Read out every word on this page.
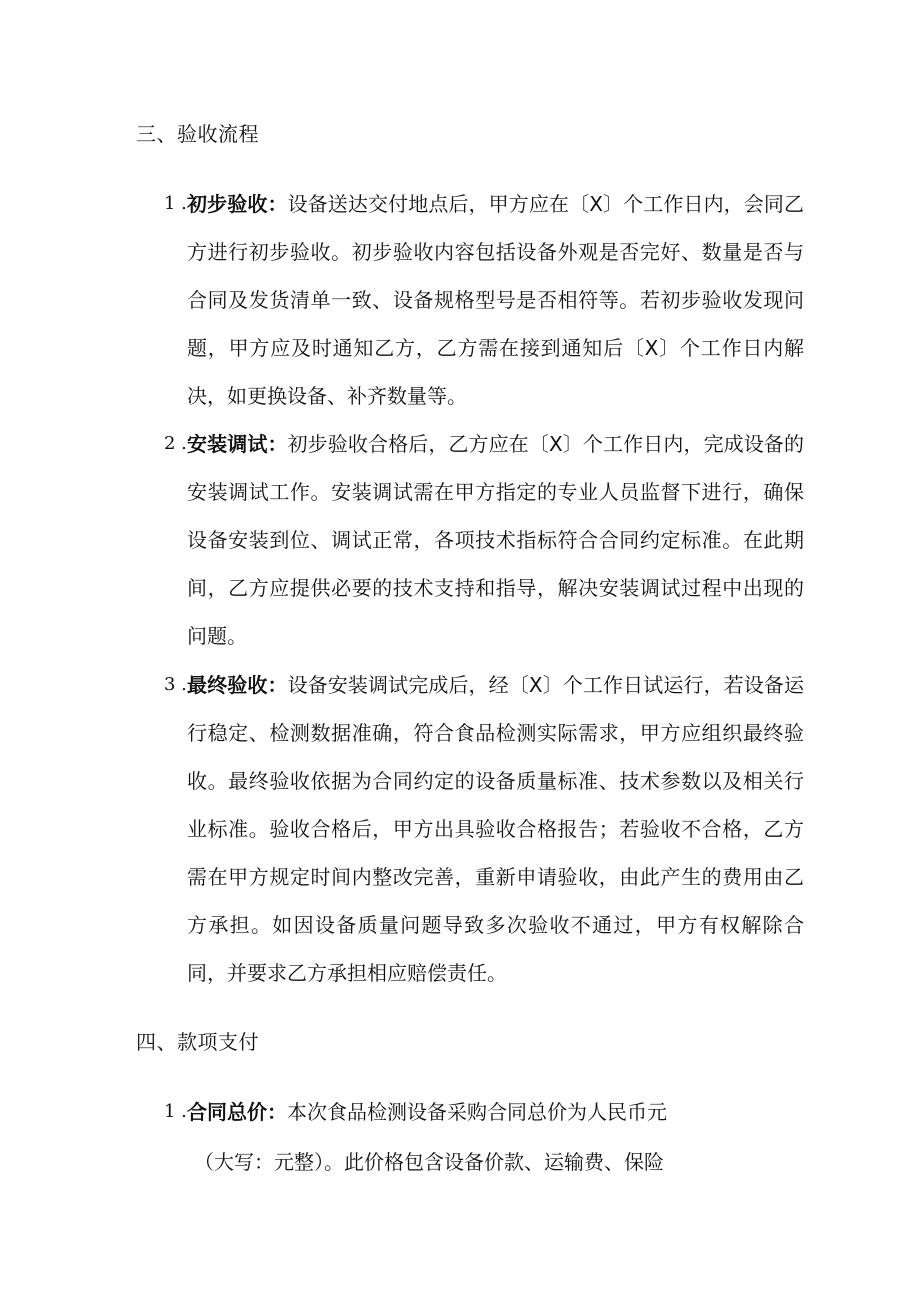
三、验收流程
1 . 初步验收：设备送达交付地点后，甲方应在〔X〕个工作日内，会同乙方进行初步验收。初步验收内容包括设备外观是否完好、数量是否与合同及发货清单一致、设备规格型号是否相符等。若初步验收发现问题，甲方应及时通知乙方，乙方需在接到通知后〔X〕个工作日内解决，如更换设备、补齐数量等。
2 . 安装调试：初步验收合格后，乙方应在〔X〕个工作日内，完成设备的安装调试工作。安装调试需在甲方指定的专业人员监督下进行，确保设备安装到位、调试正常，各项技术指标符合合同约定标准。在此期间，乙方应提供必要的技术支持和指导，解决安装调试过程中出现的问题。
3 . 最终验收：设备安装调试完成后，经〔X〕个工作日试运行，若设备运行稳定、检测数据准确，符合食品检测实际需求，甲方应组织最终验收。最终验收依据为合同约定的设备质量标准、技术参数以及相关行业标准。验收合格后，甲方出具验收合格报告；若验收不合格，乙方需在甲方规定时间内整改完善，重新申请验收，由此产生的费用由乙方承担。如因设备质量问题导致多次验收不通过，甲方有权解除合同，并要求乙方承担相应赔偿责任。
四、款项支付
1 . 合同总价：本次食品检测设备采购合同总价为人民币元
（大写：元整）。此价格包含设备价款、运输费、保险
